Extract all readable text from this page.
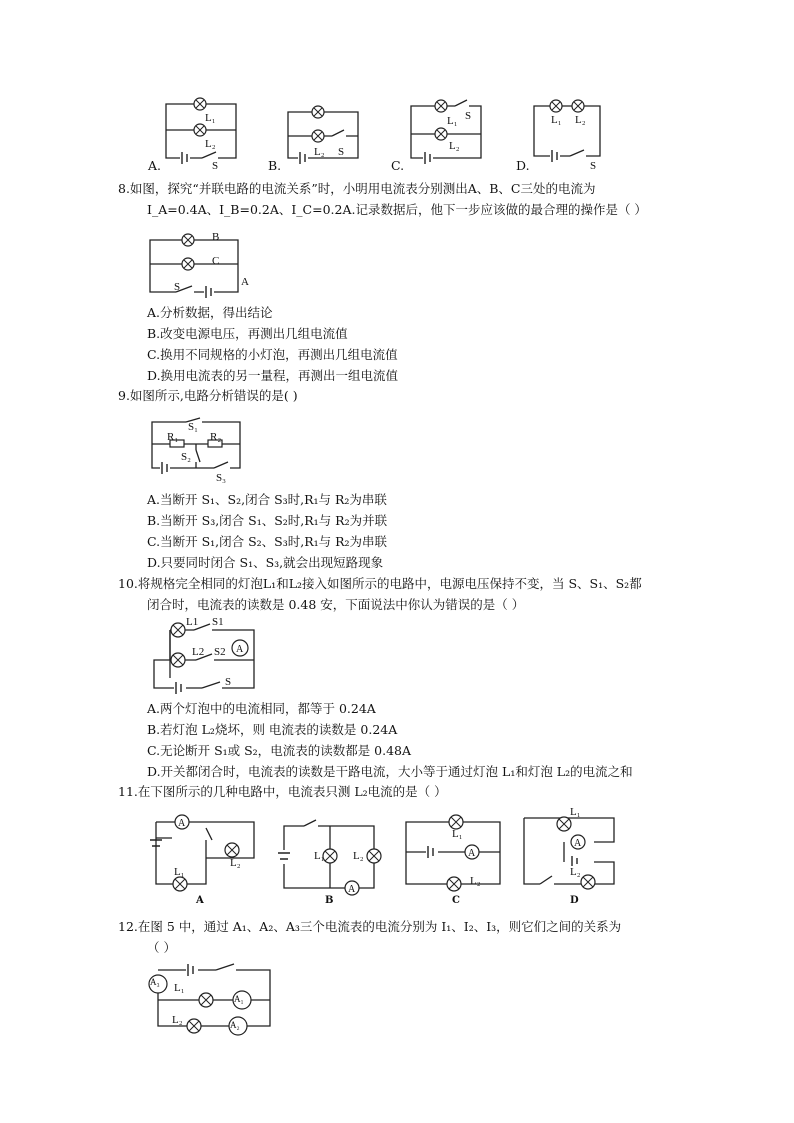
L₁
L₂
S
A.
L₂ S
B.
L₁ S
L₂
C.
L₁ L₂
S
D.
8.如图，探究“并联电路的电流关系”时，小明用电流表分别测出A、B、C三处的电流为
I_A=0.4A、I_B=0.2A、I_C=0.2A.记录数据后，他下一步应该做的最合理的操作是（ ）
B
C
A
S
A.分析数据，得出结论
B.改变电源电压，再测出几组电流值
C.换用不同规格的小灯泡，再测出几组电流值
D.换用电流表的另一量程，再测出一组电流值
9.如图所示,电路分析错误的是( )
S₁
R₁	R₂
S₂
S₃
A.当断开 S₁、S₂,闭合 S₃时,R₁与 R₂为串联
B.当断开 S₃,闭合 S₁、S₂时,R₁与 R₂为并联
C.当断开 S₁,闭合 S₂、S₃时,R₁与 R₂为串联
D.只要同时闭合 S₁、S₃,就会出现短路现象
10.将规格完全相同的灯泡L₁和L₂接入如图所示的电路中，电源电压保持不变，当 S、S₁、S₂都
闭合时，电流表的读数是 0.48 安，下面说法中你认为错误的是（ ）
A
L1 S1
L2 S2
S
A.两个灯泡中的电流相同，都等于 0.24A
B.若灯泡 L₂烧坏，则 电流表的读数是 0.24A
C.无论断开 S₁或 S₂，电流表的读数都是 0.48A
D.开关都闭合时，电流表的读数是干路电流，大小等于通过灯泡 L₁和灯泡 L₂的电流之和
11.在下图所示的几种电路中，电流表只测 L₂电流的是（ ）
A
L₂
L₁
A
A
L₁	L₂
B
A
L₁
L₂
C
A
L₁
L₂
D
12.在图 5 中，通过 A₁、A₂、A₃三个电流表的电流分别为 I₁、I₂、I₃，则它们之间的关系为
（ ）
A₃ L₁
A₁
L₂	A₂
